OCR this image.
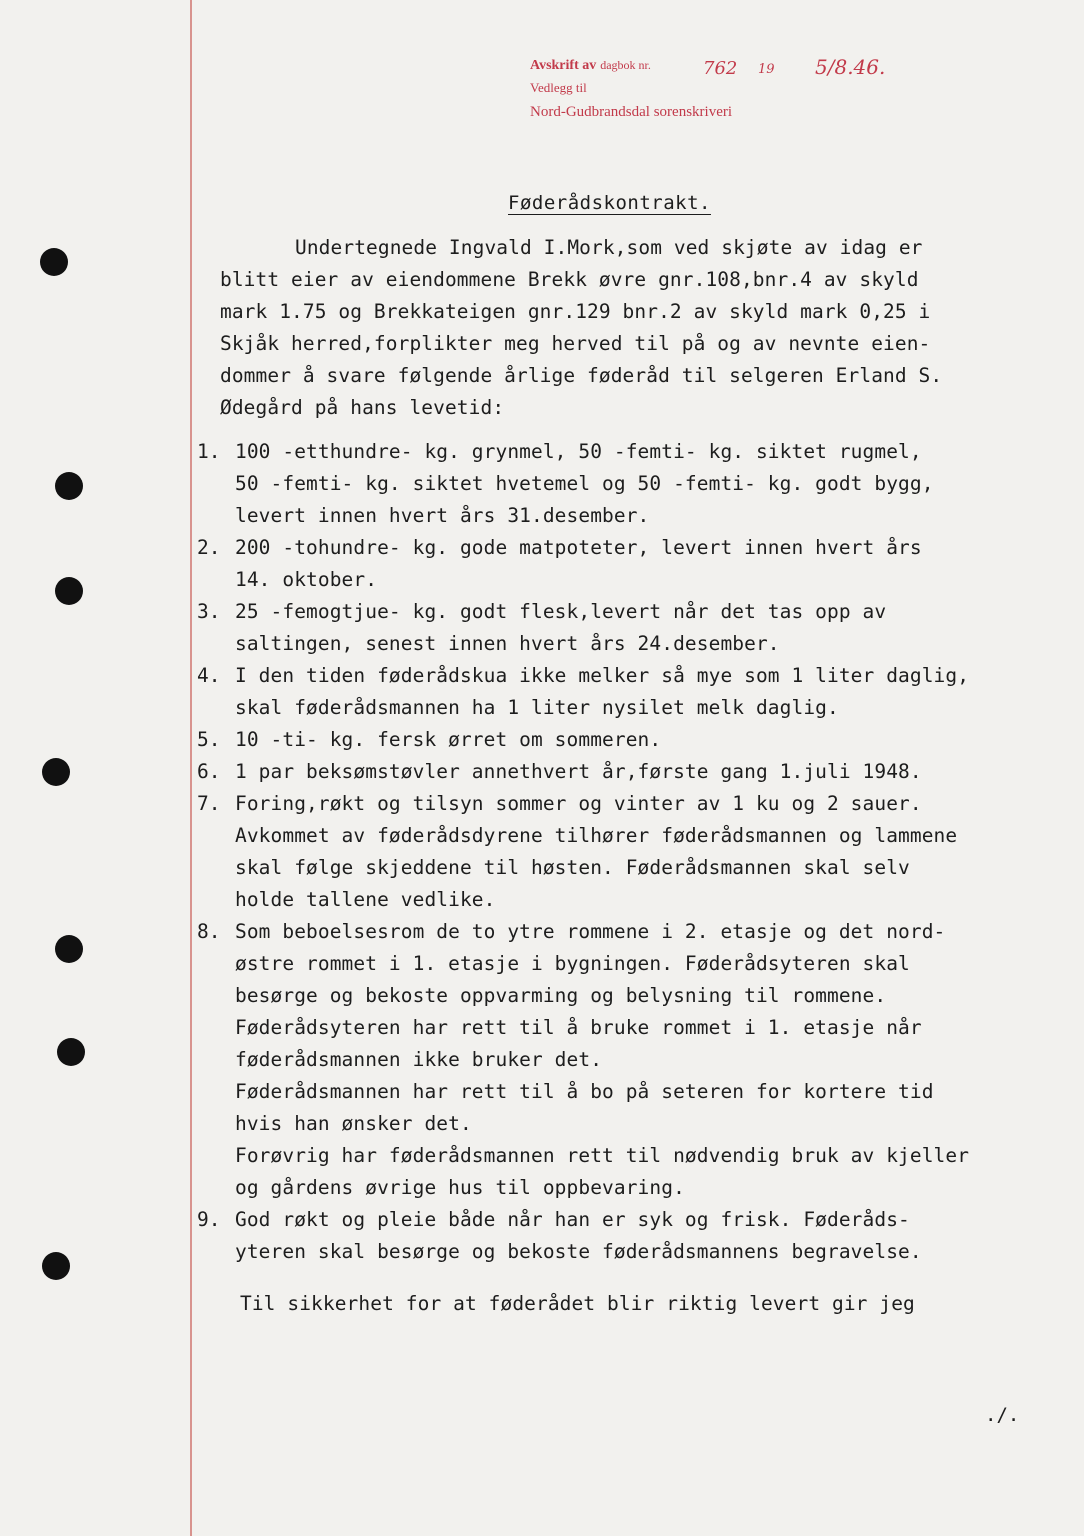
Avskrift av dagbok nr.
Vedlegg til
Nord-Gudbrandsdal sorenskriveri
762 19 5/8.46.
Føderådskontrakt.
Undertegnede Ingvald I.Mork,som ved skjøte av idag er
blitt eier av eiendommene Brekk øvre gnr.108,bnr.4 av skyld
mark 1.75 og Brekkateigen gnr.129 bnr.2 av skyld mark 0,25 i
Skjåk herred,forplikter meg herved til på og av nevnte eien-
dommer å svare følgende årlige føderåd til selgeren Erland S.
Ødegård på hans levetid:
1. 100 -etthundre- kg. grynmel, 50 -femti- kg. siktet rugmel,
50 -femti- kg. siktet hvetemel og 50 -femti- kg. godt bygg,
levert innen hvert års 31.desember.
2. 200 -tohundre- kg. gode matpoteter, levert innen hvert års
14. oktober.
3. 25 -femogtjue- kg. godt flesk,levert når det tas opp av
saltingen, senest innen hvert års 24.desember.
4. I den tiden føderådskua ikke melker så mye som 1 liter daglig,
skal føderådsmannen ha 1 liter nysilet melk daglig.
5. 10 -ti- kg. fersk ørret om sommeren.
6. 1 par beksømstøvler annethvert år,første gang 1.juli 1948.
7. Foring,røkt og tilsyn sommer og vinter av 1 ku og 2 sauer.
Avkommet av føderådsdyrene tilhører føderådsmannen og lammene
skal følge skjeddene til høsten. Føderådsmannen skal selv
holde tallene vedlike.
8. Som beboelsesrom de to ytre rommene i 2. etasje og det nord-
østre rommet i 1. etasje i bygningen. Føderådsyteren skal
besørge og bekoste oppvarming og belysning til rommene.
Føderådsyteren har rett til å bruke rommet i 1. etasje når
føderådsmannen ikke bruker det.
Føderådsmannen har rett til å bo på seteren for kortere tid
hvis han ønsker det.
Forøvrig har føderådsmannen rett til nødvendig bruk av kjeller
og gårdens øvrige hus til oppbevaring.
9. God røkt og pleie både når han er syk og frisk. Føderåds-
yteren skal besørge og bekoste føderådsmannens begravelse.
Til sikkerhet for at føderådet blir riktig levert gir jeg
./.
